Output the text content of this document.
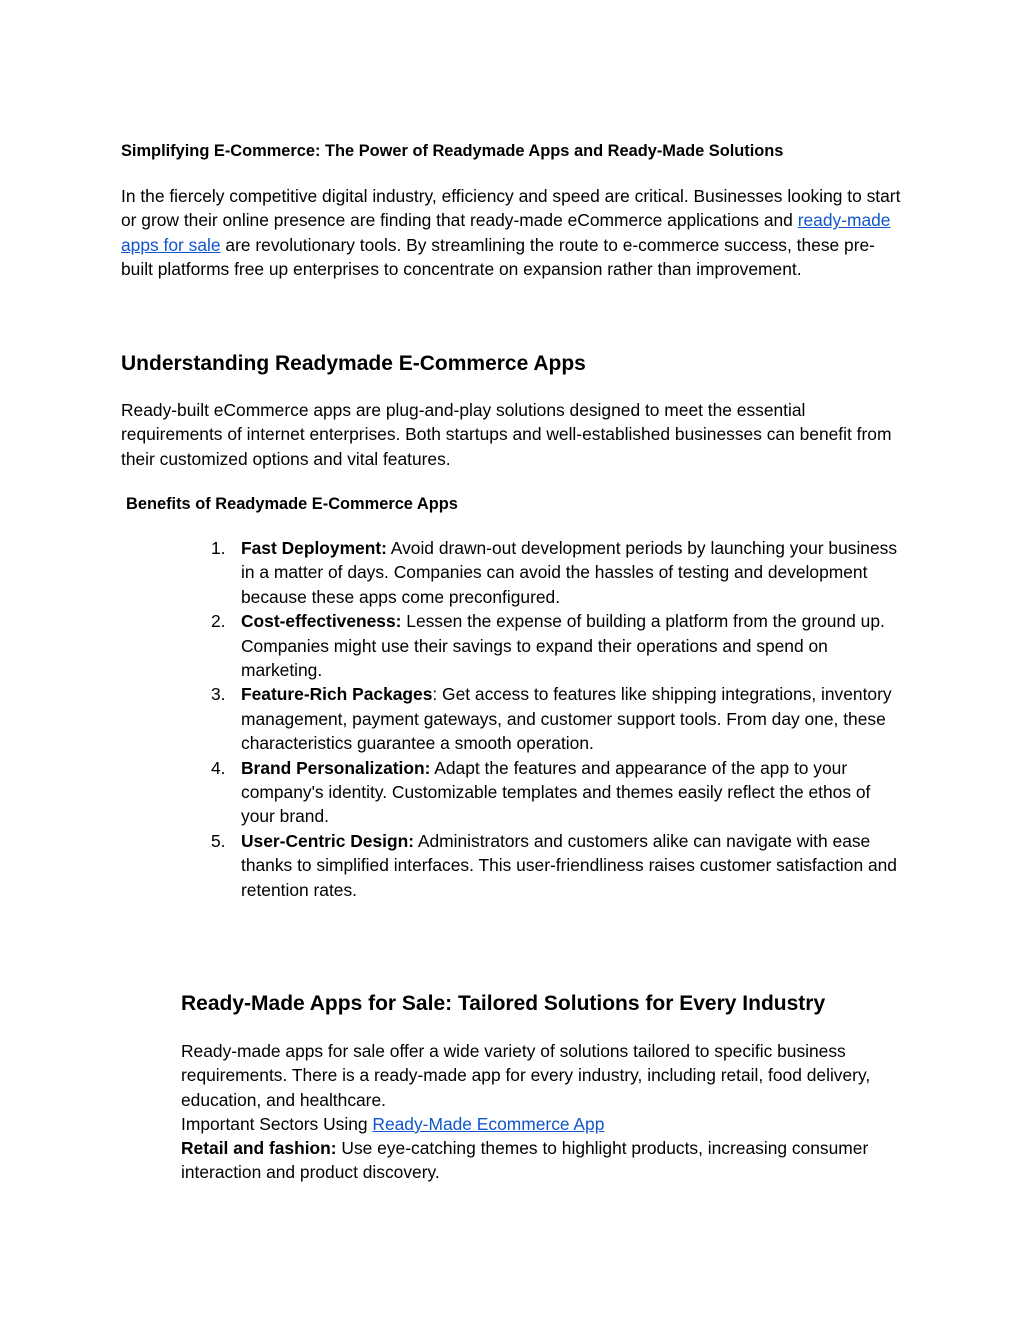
Simplifying E-Commerce: The Power of Readymade Apps and Ready-Made Solutions

In the fiercely competitive digital industry, efficiency and speed are critical. Businesses looking to start or grow their online presence are finding that ready-made eCommerce applications and ready-made apps for sale are revolutionary tools. By streamlining the route to e-commerce success, these pre-built platforms free up enterprises to concentrate on expansion rather than improvement.

Understanding Readymade E-Commerce Apps

Ready-built eCommerce apps are plug-and-play solutions designed to meet the essential requirements of internet enterprises. Both startups and well-established businesses can benefit from their customized options and vital features.

Benefits of Readymade E-Commerce Apps

1. Fast Deployment: Avoid drawn-out development periods by launching your business in a matter of days. Companies can avoid the hassles of testing and development because these apps come preconfigured.
2. Cost-effectiveness: Lessen the expense of building a platform from the ground up. Companies might use their savings to expand their operations and spend on marketing.
3. Feature-Rich Packages: Get access to features like shipping integrations, inventory management, payment gateways, and customer support tools. From day one, these characteristics guarantee a smooth operation.
4. Brand Personalization: Adapt the features and appearance of the app to your company's identity. Customizable templates and themes easily reflect the ethos of your brand.
5. User-Centric Design: Administrators and customers alike can navigate with ease thanks to simplified interfaces. This user-friendliness raises customer satisfaction and retention rates.
Ready-Made Apps for Sale: Tailored Solutions for Every Industry

Ready-made apps for sale offer a wide variety of solutions tailored to specific business requirements. There is a ready-made app for every industry, including retail, food delivery, education, and healthcare.

Important Sectors Using Ready-Made Ecommerce App

Retail and fashion: Use eye-catching themes to highlight products, increasing consumer interaction and product discovery.
